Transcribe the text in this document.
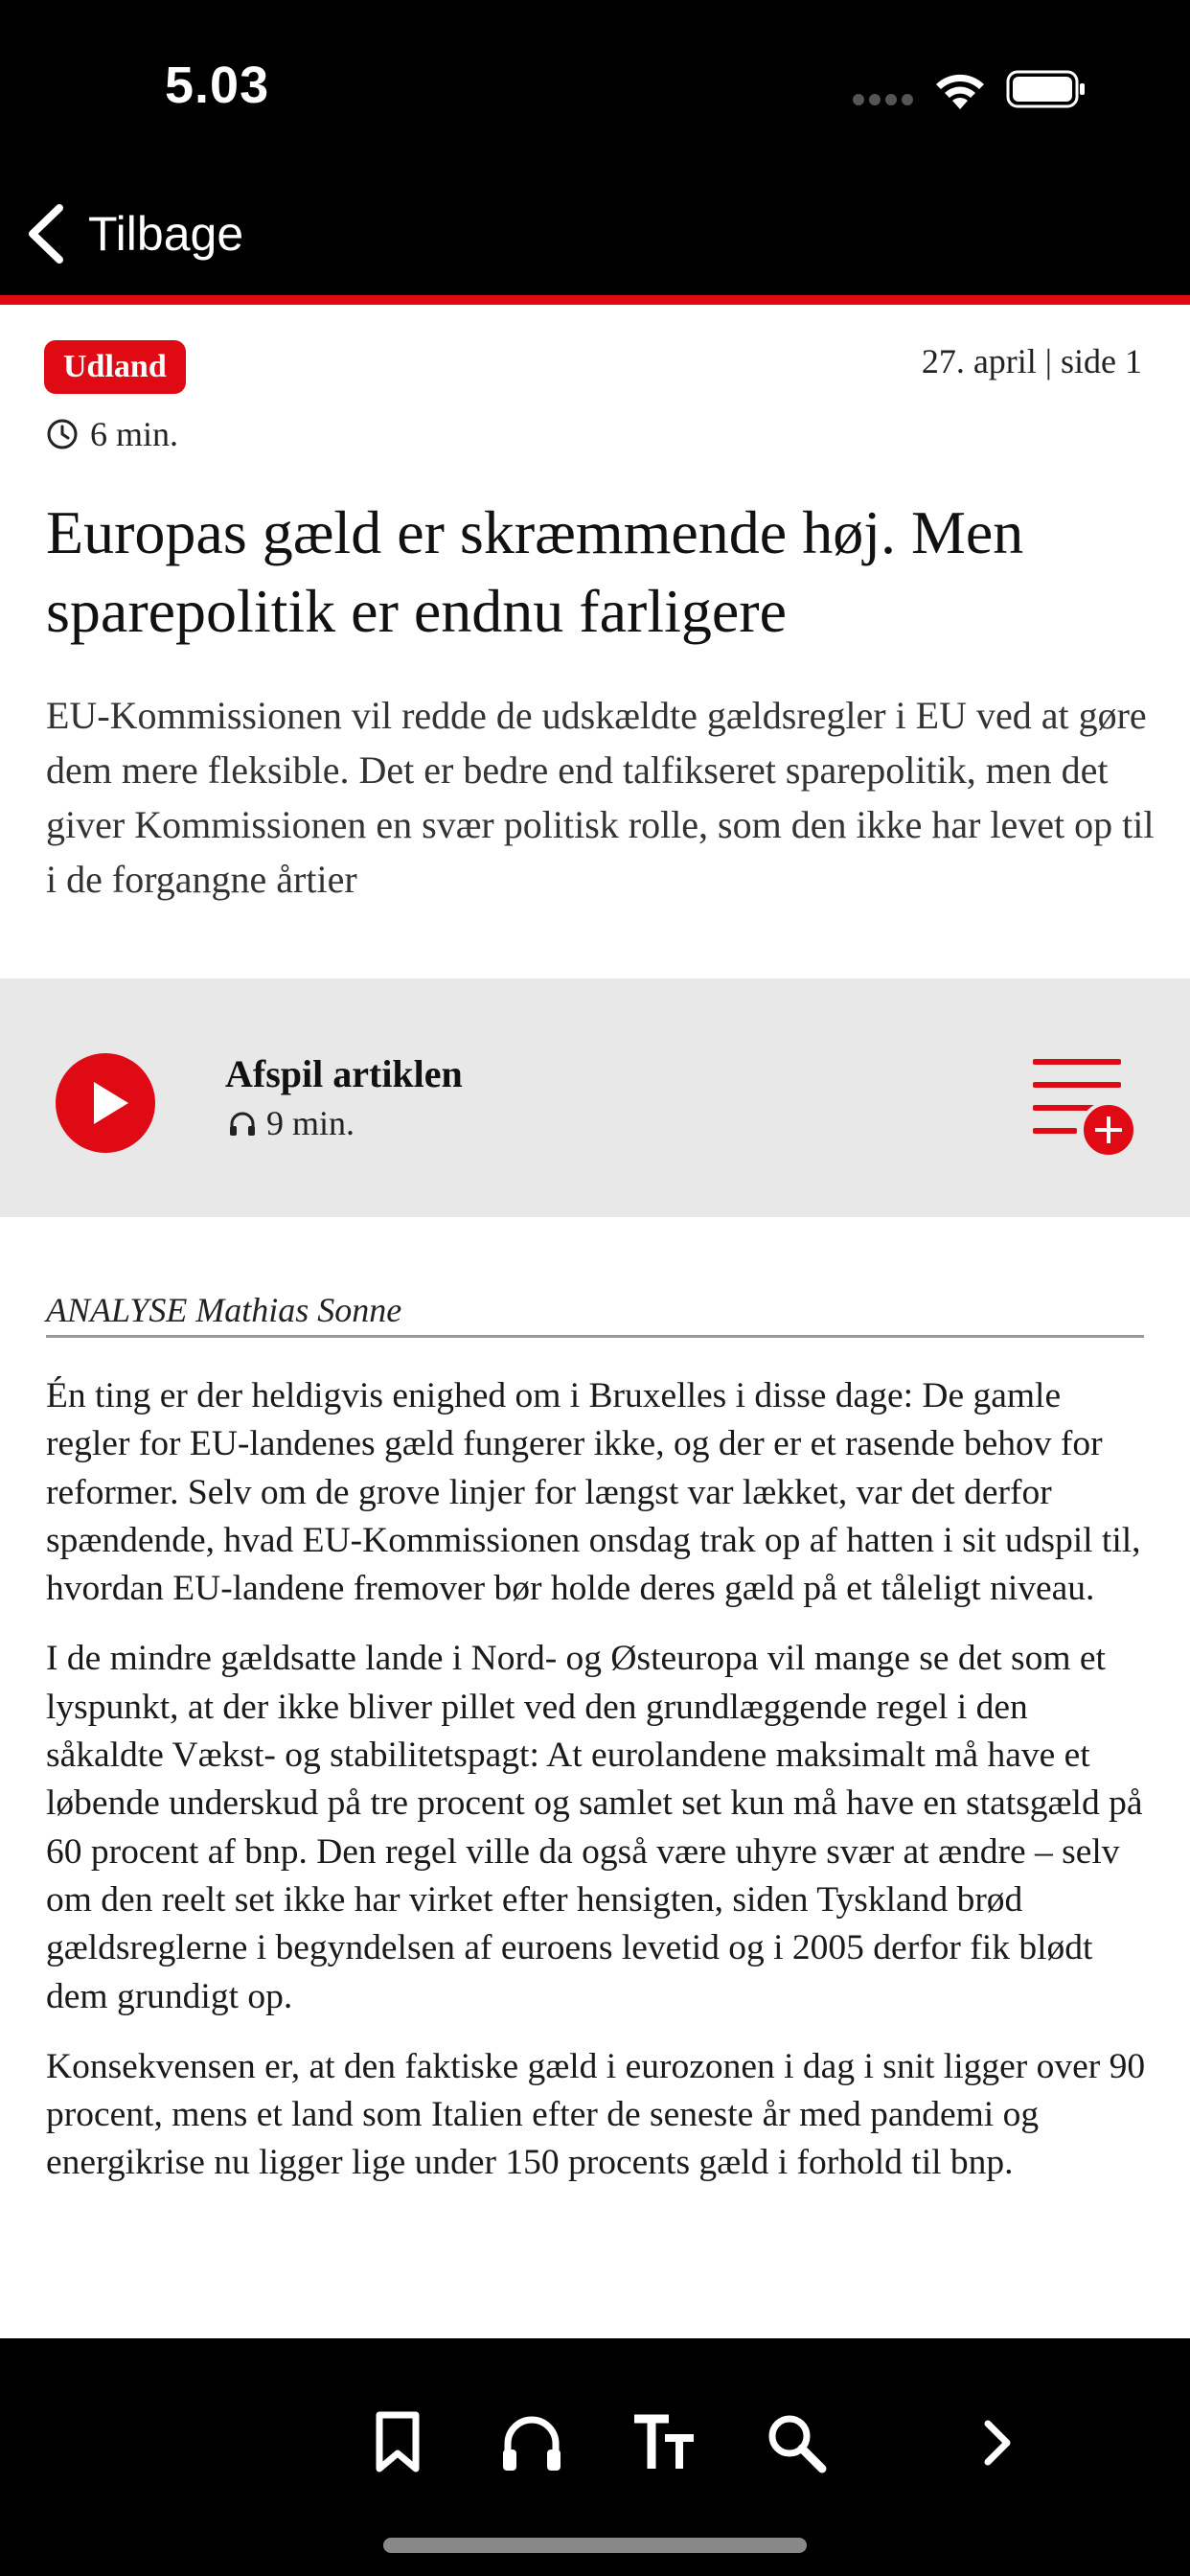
5.03
Tilbage
Udland	27. april | side 1
6 min.
Europas gæld er skræmmende høj. Men sparepolitik er endnu farligere

EU-Kommissionen vil redde de udskældte gældsregler i EU ved at gøre dem mere fleksible. Det er bedre end talfikseret sparepolitik, men det giver Kommissionen en svær politisk rolle, som den ikke har levet op til i de forgangne årtier

Afspil artiklen
9 min.
ANALYSE Mathias Sonne

Én ting er der heldigvis enighed om i Bruxelles i disse dage: De gamle regler for EU-landenes gæld fungerer ikke, og der er et rasende behov for reformer. Selv om de grove linjer for længst var lækket, var det derfor spændende, hvad EU-Kommissionen onsdag trak op af hatten i sit udspil til, hvordan EU-landene fremover bør holde deres gæld på et tåleligt niveau.

I de mindre gældsatte lande i Nord- og Østeuropa vil mange se det som et lyspunkt, at der ikke bliver pillet ved den grundlæggende regel i den såkaldte Vækst- og stabilitetspagt: At eurolandene maksimalt må have et løbende underskud på tre procent og samlet set kun må have en statsgæld på 60 procent af bnp. Den regel ville da også være uhyre svær at ændre – selv om den reelt set ikke har virket efter hensigten, siden Tyskland brød gældsreglerne i begyndelsen af euroens levetid og i 2005 derfor fik blødt dem grundigt op.

Konsekvensen er, at den faktiske gæld i eurozonen i dag i snit ligger over 90 procent, mens et land som Italien efter de seneste år med pandemi og energikrise nu ligger lige under 150 procents gæld i forhold til bnp.
